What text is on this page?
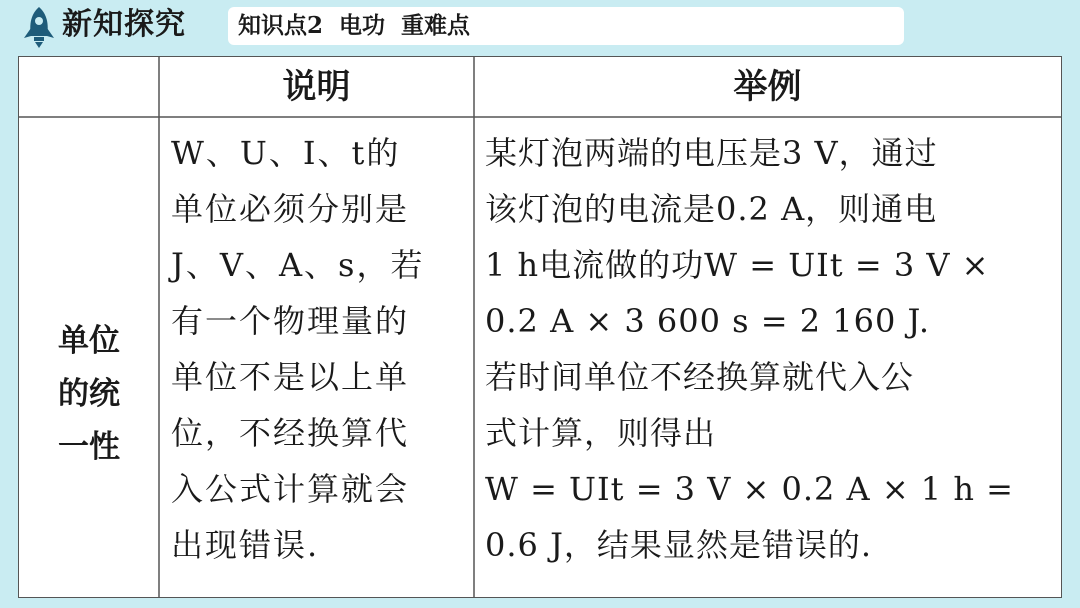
新知探究 知识点2  电功  重难点
说明	举例
单位
的统
一性
W、U、I、t的
单位必须分别是
J、V、A、s，若
有一个物理量的
单位不是以上单
位，不经换算代
入公式计算就会
出现错误.
某灯泡两端的电压是3 V，通过
该灯泡的电流是0.2 A，则通电
1 h电流做的功W = UIt = 3 V ×
0.2 A × 3 600 s = 2 160 J.
若时间单位不经换算就代入公
式计算，则得出
W = UIt = 3 V × 0.2 A × 1 h =
0.6 J，结果显然是错误的.
